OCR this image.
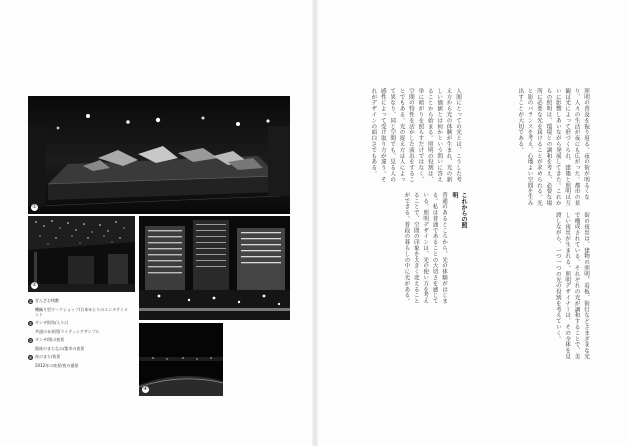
①
②
④
① ぎんざお桟敷
機織り型ワークショップ/日本ゆとりのエンタテイメント
② ギンザ街角/入り口
共通の未来図/ライティングサンプル
③ ギンザ/街の夜景
銀座のまちなみ/都市の夜景
④ 夜のまち/夜景
2012年の夜景/夜の風景
人間にとっての光とは、こうした考え方から光の体験が生まれ、光の新しい価値とは何かという問いに答えることから始まる。照明の役割は、単に暗がりを照らすだけではなく、空間の特性を活かした演出をすることでもある。光の捉え方は人によって異なり、同じ空間でも、見る人の感性によって受け取り方が違う。それがデザインの面白さでもある。
これからの照明
普通のあるところから、光の体験がはじまる。私は普通であることの大切さを感じている。照明デザインは、光の使い方を考えることで、空間の印象を大きく変えることができる。普段の暮らしの中に光がある。
照明の普及を振り返る。夜の街が明るくなり、人々の生活が夜にも広がった。都市の景観は光によって形づくられ、建築と照明は互いに影響しあいながら発展してきた。これからの照明は、環境との調和を考え、必要な場所に必要な光を届けることが求められる。光と影のバランスを考え、心地よい空間を生み出すことが大切である。
街の夜景は、建物の照明、看板、街灯などさまざまな光で構成されている。それぞれの光が調和することで、美しい夜景が生まれる。照明デザイナーは、その全体を見渡しながら、一つ一つの光の役割を考えていく。
